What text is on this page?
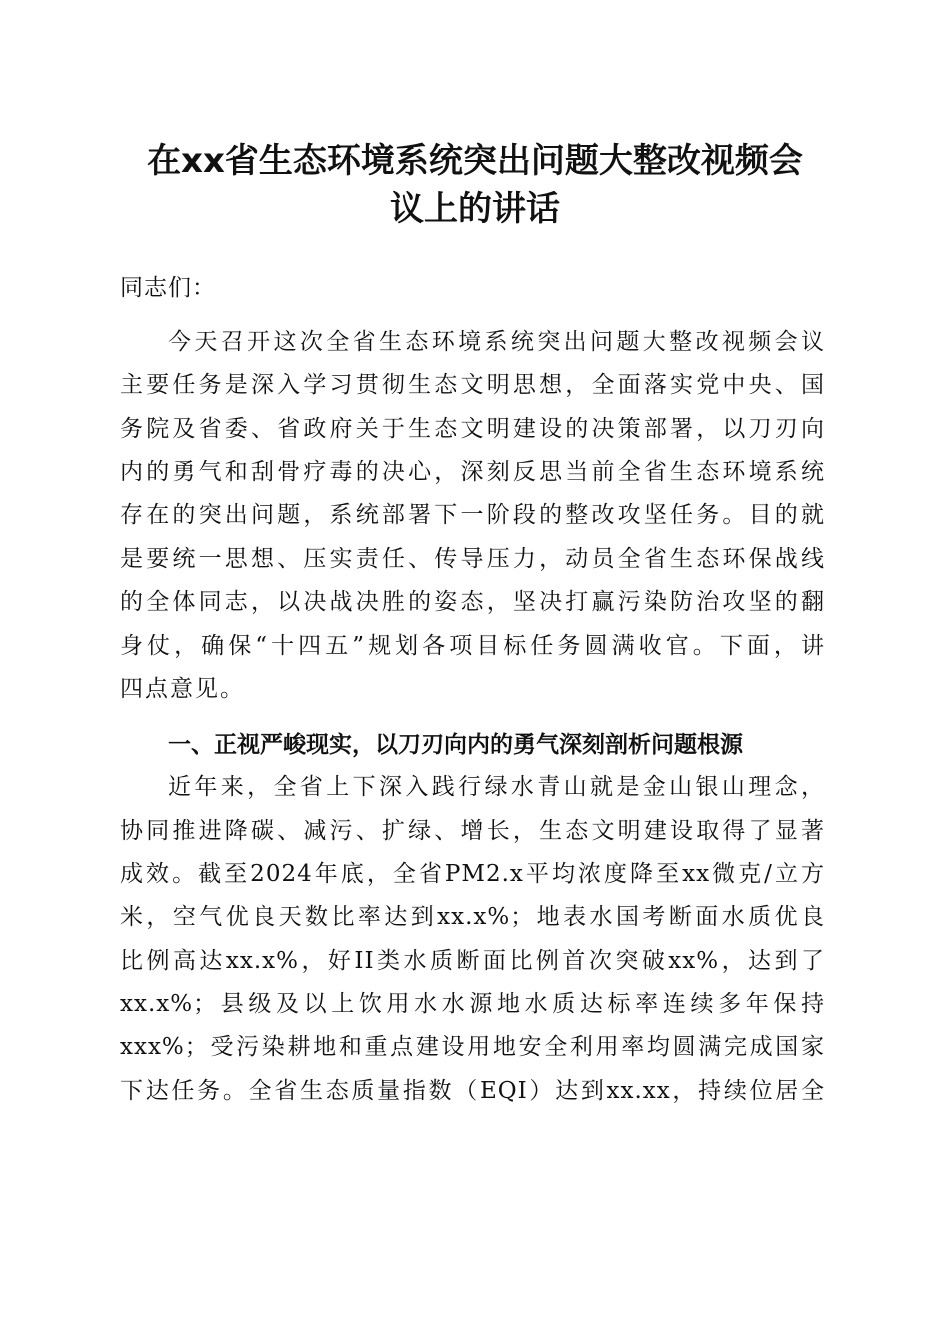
在xx省生态环境系统突出问题大整改视频会
议上的讲话
同志们：
今天召开这次全省生态环境系统突出问题大整改视频会议
主要任务是深入学习贯彻生态文明思想，全面落实党中央、国
务院及省委、省政府关于生态文明建设的决策部署，以刀刃向
内的勇气和刮骨疗毒的决心，深刻反思当前全省生态环境系统
存在的突出问题，系统部署下一阶段的整改攻坚任务。目的就
是要统一思想、压实责任、传导压力，动员全省生态环保战线
的全体同志，以决战决胜的姿态，坚决打赢污染防治攻坚的翻
身仗，确保“十四五”规划各项目标任务圆满收官。下面，讲
四点意见。
一、正视严峻现实，以刀刃向内的勇气深刻剖析问题根源
近年来，全省上下深入践行绿水青山就是金山银山理念，
协同推进降碳、减污、扩绿、增长，生态文明建设取得了显著
成效。截至2024年底，全省PM2.x平均浓度降至xx微克/立方
米，空气优良天数比率达到xx.x%；地表水国考断面水质优良
比例高达xx.x%，好II类水质断面比例首次突破xx%，达到了
xx.x%；县级及以上饮用水水源地水质达标率连续多年保持
xxx%；受污染耕地和重点建设用地安全利用率均圆满完成国家
下达任务。全省生态质量指数（EQI）达到xx.xx，持续位居全
